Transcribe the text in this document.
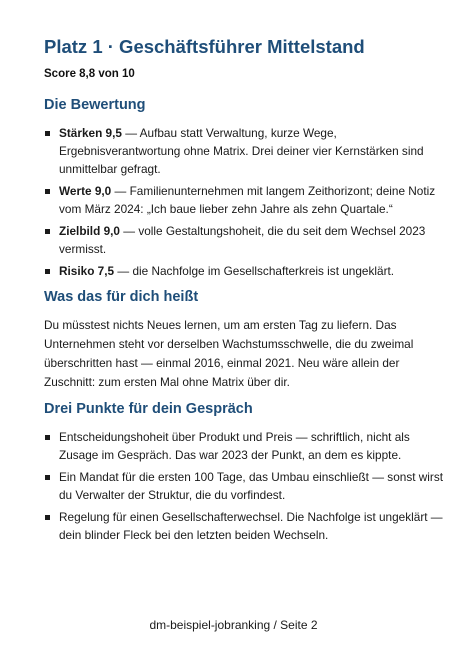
Platz 1 · Geschäftsführer Mittelstand

Score 8,8 von 10

Die Bewertung
Stärken 9,5 — Aufbau statt Verwaltung, kurze Wege, Ergebnisverantwortung ohne Matrix. Drei deiner vier Kernstärken sind unmittelbar gefragt.
Werte 9,0 — Familienunternehmen mit langem Zeithorizont; deine Notiz vom März 2024: „Ich baue lieber zehn Jahre als zehn Quartale.“
Zielbild 9,0 — volle Gestaltungshoheit, die du seit dem Wechsel 2023 vermisst.
Risiko 7,5 — die Nachfolge im Gesellschafterkreis ist ungeklärt.
Was das für dich heißt

Du müsstest nichts Neues lernen, um am ersten Tag zu liefern. Das Unternehmen steht vor derselben Wachstumsschwelle, die du zweimal überschritten hast — einmal 2016, einmal 2021. Neu wäre allein der Zuschnitt: zum ersten Mal ohne Matrix über dir.

Drei Punkte für dein Gespräch
Entscheidungshoheit über Produkt und Preis — schriftlich, nicht als Zusage im Gespräch. Das war 2023 der Punkt, an dem es kippte.
Ein Mandat für die ersten 100 Tage, das Umbau einschließt — sonst wirst du Verwalter der Struktur, die du vorfindest.
Regelung für einen Gesellschafterwechsel. Die Nachfolge ist ungeklärt — dein blinder Fleck bei den letzten beiden Wechseln.
dm-beispiel-jobranking / Seite 2
